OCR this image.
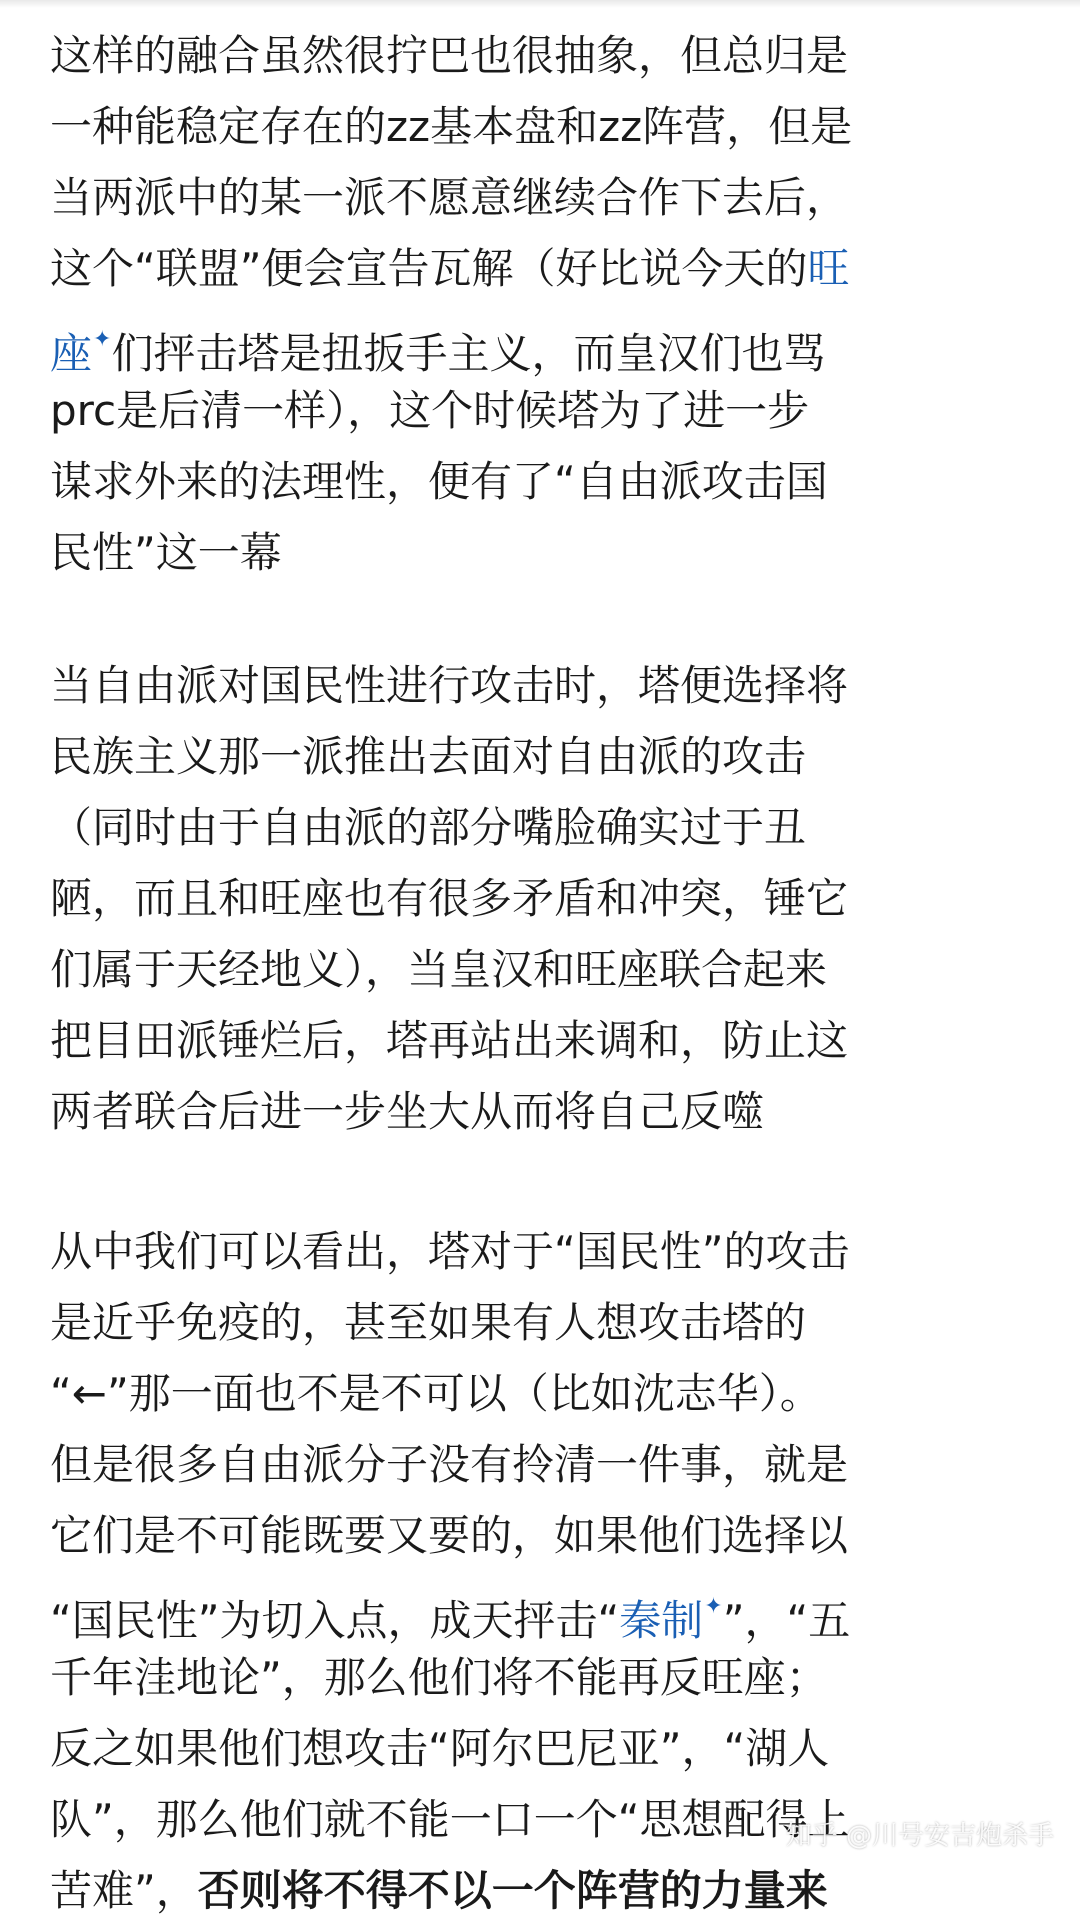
这样的融合虽然很拧巴也很抽象，但总归是
一种能稳定存在的zz基本盘和zz阵营，但是
当两派中的某一派不愿意继续合作下去后，
这个“联盟”便会宣告瓦解（好比说今天的旺
座✦们抨击塔是扭扳手主义，而皇汉们也骂
prc是后清一样），这个时候塔为了进一步
谋求外来的法理性，便有了“自由派攻击国
民性”这一幕
当自由派对国民性进行攻击时，塔便选择将
民族主义那一派推出去面对自由派的攻击
（同时由于自由派的部分嘴脸确实过于丑
陋，而且和旺座也有很多矛盾和冲突，锤它
们属于天经地义），当皇汉和旺座联合起来
把目田派锤烂后，塔再站出来调和，防止这
两者联合后进一步坐大从而将自己反噬
从中我们可以看出，塔对于“国民性”的攻击
是近乎免疫的，甚至如果有人想攻击塔的
“←”那一面也不是不可以（比如沈志华）。
但是很多自由派分子没有拎清一件事，就是
它们是不可能既要又要的，如果他们选择以
“国民性”为切入点，成天抨击“秦制✦”，“五
千年洼地论”，那么他们将不能再反旺座；
反之如果他们想攻击“阿尔巴尼亚”，“湖人
队”，那么他们就不能一口一个“思想配得上
苦难”，否则将不得不以一个阵营的力量来
知乎 @川号安吉炮杀手
